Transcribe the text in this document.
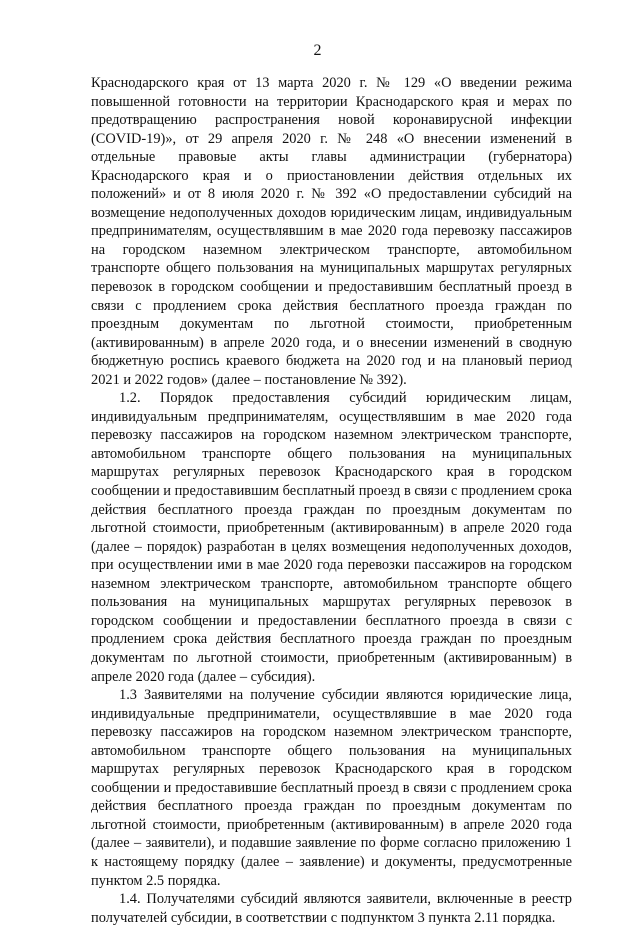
2

Краснодарского края от 13 марта 2020 г. № 129 «О введении режима повышенной готовности на территории Краснодарского края и мерах по предотвращению распространения новой коронавирусной инфекции (COVID-19)», от 29 апреля 2020 г. № 248 «О внесении изменений в отдельные правовые акты главы администрации (губернатора) Краснодарского края и о приостановлении действия отдельных их положений» и от 8 июля 2020 г. № 392 «О предоставлении субсидий на возмещение недополученных доходов юридическим лицам, индивидуальным предпринимателям, осуществлявшим в мае 2020 года перевозку пассажиров на городском наземном электрическом транспорте, автомобильном транспорте общего пользования на муниципальных маршрутах регулярных перевозок в городском сообщении и предоставившим бесплатный проезд в связи с продлением срока действия бесплатного проезда граждан по проездным документам по льготной стоимости, приобретенным (активированным) в апреле 2020 года, и о внесении изменений в сводную бюджетную роспись краевого бюджета на 2020 год и на плановый период 2021 и 2022 годов» (далее – постановление № 392).

1.2. Порядок предоставления субсидий юридическим лицам, индивидуальным предпринимателям, осуществлявшим в мае 2020 года перевозку пассажиров на городском наземном электрическом транспорте, автомобильном транспорте общего пользования на муниципальных маршрутах регулярных перевозок Краснодарского края в городском сообщении и предоставившим бесплатный проезд в связи с продлением срока действия бесплатного проезда граждан по проездным документам по льготной стоимости, приобретенным (активированным) в апреле 2020 года (далее – порядок) разработан в целях возмещения недополученных доходов, при осуществлении ими в мае 2020 года перевозки пассажиров на городском наземном электрическом транспорте, автомобильном транспорте общего пользования на муниципальных маршрутах регулярных перевозок в городском сообщении и предоставлении бесплатного проезда в связи с продлением срока действия бесплатного проезда граждан по проездным документам по льготной стоимости, приобретенным (активированным) в апреле 2020 года (далее – субсидия).

1.3 Заявителями на получение субсидии являются юридические лица, индивидуальные предприниматели, осуществлявшие в мае 2020 года перевозку пассажиров на городском наземном электрическом транспорте, автомобильном транспорте общего пользования на муниципальных маршрутах регулярных перевозок Краснодарского края в городском сообщении и предоставившие бесплатный проезд в связи с продлением срока действия бесплатного проезда граждан по проездным документам по льготной стоимости, приобретенным (активированным) в апреле 2020 года (далее – заявители), и подавшие заявление по форме согласно приложению 1 к настоящему порядку (далее – заявление) и документы, предусмотренные пунктом 2.5 порядка.

1.4. Получателями субсидий являются заявители, включенные в реестр получателей субсидии, в соответствии с подпунктом 3 пункта 2.11 порядка.
